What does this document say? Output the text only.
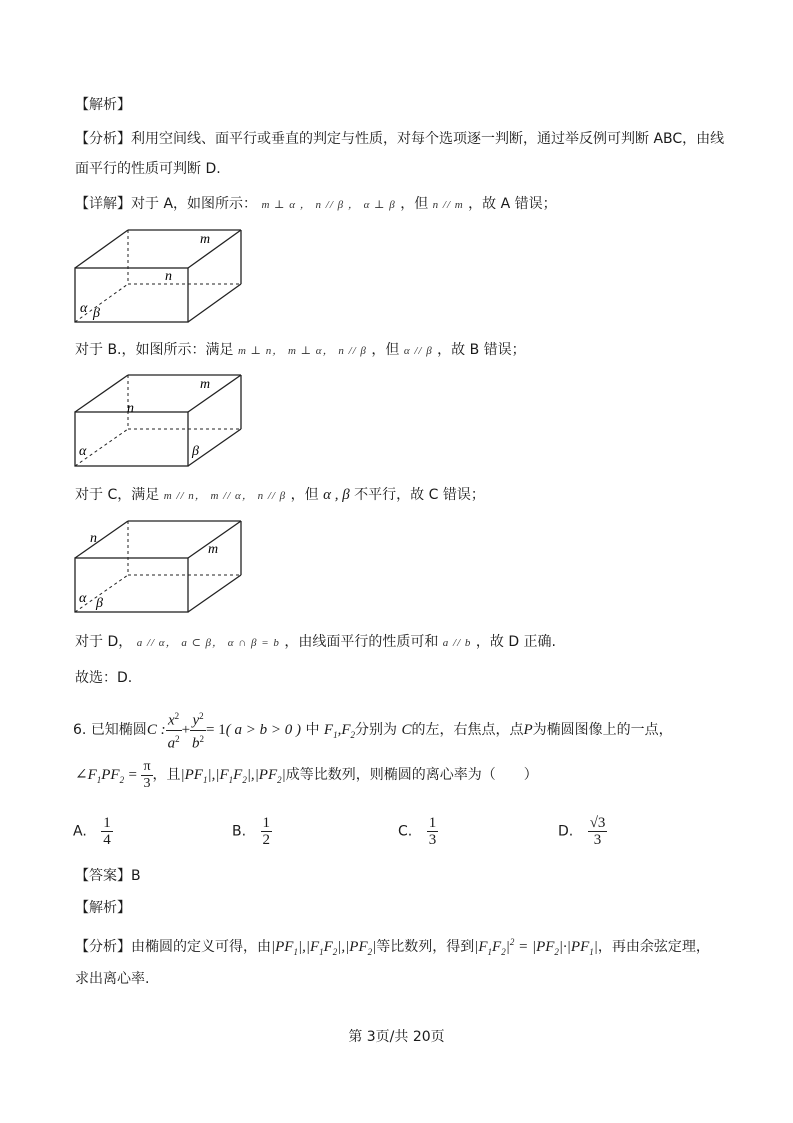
【解析】
【分析】利用空间线、面平行或垂直的判定与性质，对每个选项逐一判断，通过举反例可判断 ABC，由线
面平行的性质可判断 D.
【详解】对于 A，如图所示： m ⊥ α ， n // β ， α ⊥ β ，但 n // m ，故 A 错误；
m
n
α β
对于 B.，如图所示：满足 m ⊥ n， m ⊥ α， n // β ，但 α // β ，故 B 错误；
m
n
α	β
对于 C，满足 m // n， m // α， n // β ，但 α , β 不平行，故 C 错误；
n
m
α β
对于 D， a // α， a ⊂ β， α ∩ β = b ，由线面平行的性质可和 a // b ，故 D 正确.
故选：D.
6. 已知椭圆C : $\frac{x^2}{a^2} + \frac{y^2}{b^2} = 1$( a > b > 0 ) 中 $F_1,F_2$分别为 C的左，右焦点，点P为椭圆图像上的一点，
$\angle F_1PF_2 = \frac{\pi}{3}$ ，且$|PF_1|,|F_1F_2|,|PF_2|$成等比数列，则椭圆的离心率为（　　）
A. $\frac{1}{4}$	B. $\frac{1}{2}$	C. $\frac{1}{3}$	D. $\frac{√3}{3}$
【答案】B
【解析】
【分析】由椭圆的定义可得，由$|PF_1|,|F_1F_2|,|PF_2|$等比数列，得到$|F_1F_2|^2 = |PF_2|\cdot|PF_1|$，再由余弦定理，
求出离心率.
第 3页/共 20页
